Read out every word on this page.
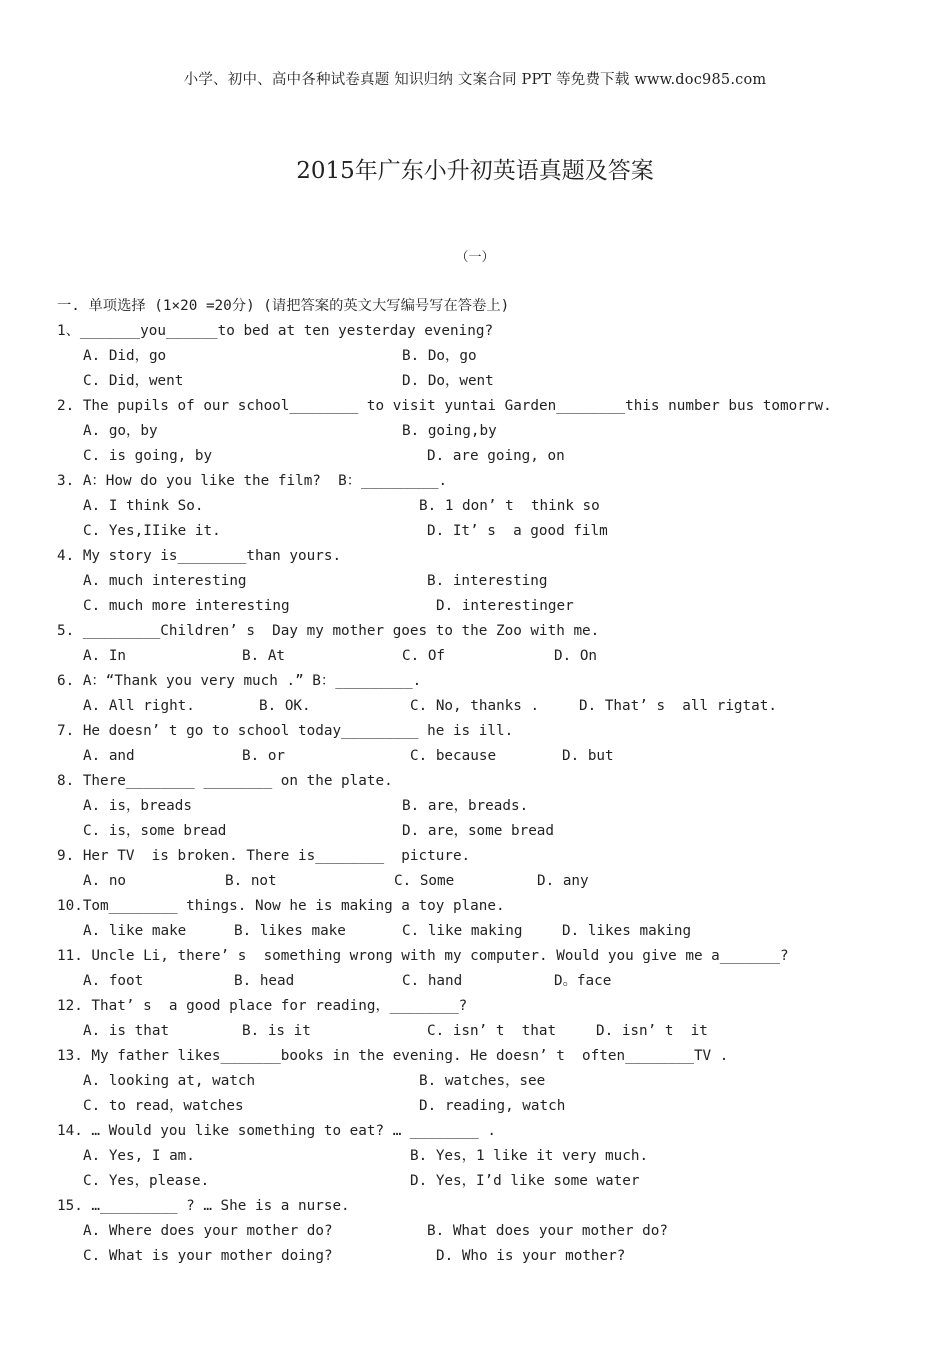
小学、初中、高中各种试卷真题 知识归纳 文案合同 PPT 等免费下载 www.doc985.com
2015年广东小升初英语真题及答案
（一）
一. 单项选择 (1×20 =20分) (请把答案的英文大写编号写在答卷上)
1、_______you______to bed at ten yesterday evening?

A. Did，go

	B. Do，go

C. Did，went

	D. Do，went

2. The pupils of our school________ to visit yuntai Garden________this number bus tomorrw.

A. go，by

	B. going,by

C. is going, by

	D. are going, on

3. A：How do you like the film?  B：_________.

A. I think So.

	B. 1 don’ t  think so

C. Yes,IIike it.

	D. It’ s  a good film

4. My story is________than yours.

A. much interesting

	B. interesting

C. much more interesting

	D. interestinger

5. _________Children’ s  Day my mother goes to the Zoo with me.

A. In

	B. At

	C. Of

	D. On

6. A：“Thank you very much .” B：_________.

A. All right.

	B. OK.

	C. No, thanks .

	D. That’ s  all rigtat.

7. He doesn’ t go to school today_________ he is ill.

A. and

	B. or

	C. because

	D. but

8. There________ ________ on the plate.

A. is，breads

	B. are，breads.

C. is，some bread

	D. are，some bread

9. Her TV  is broken. There is________  picture.

A. no

	B. not

	C. Some

	D. any

10.Tom________ things. Now he is making a toy plane.

A. like make

	B. likes make

	C. like making

	D. likes making

11. Uncle Li, there’ s  something wrong with my computer. Would you give me a_______?

A. foot

	B. head

	C. hand

	D。face

12. That’ s  a good place for reading，________?

A. is that

	B. is it

	C. isn’ t  that

	D. isn’ t  it

13. My father likes_______books in the evening. He doesn’ t  often________TV .

A. looking at, watch

	B. watches，see

C. to read，watches

	D. reading, watch

14. … Would you like something to eat? … ________ .

A. Yes, I am.

	B. Yes，1 like it very much.

C. Yes，please.

	D. Yes，I’d like some water

15. …_________ ? … She is a nurse.

A. Where does your mother do?

	B. What does your mother do?

C. What is your mother doing?

	D. Who is your mother?
